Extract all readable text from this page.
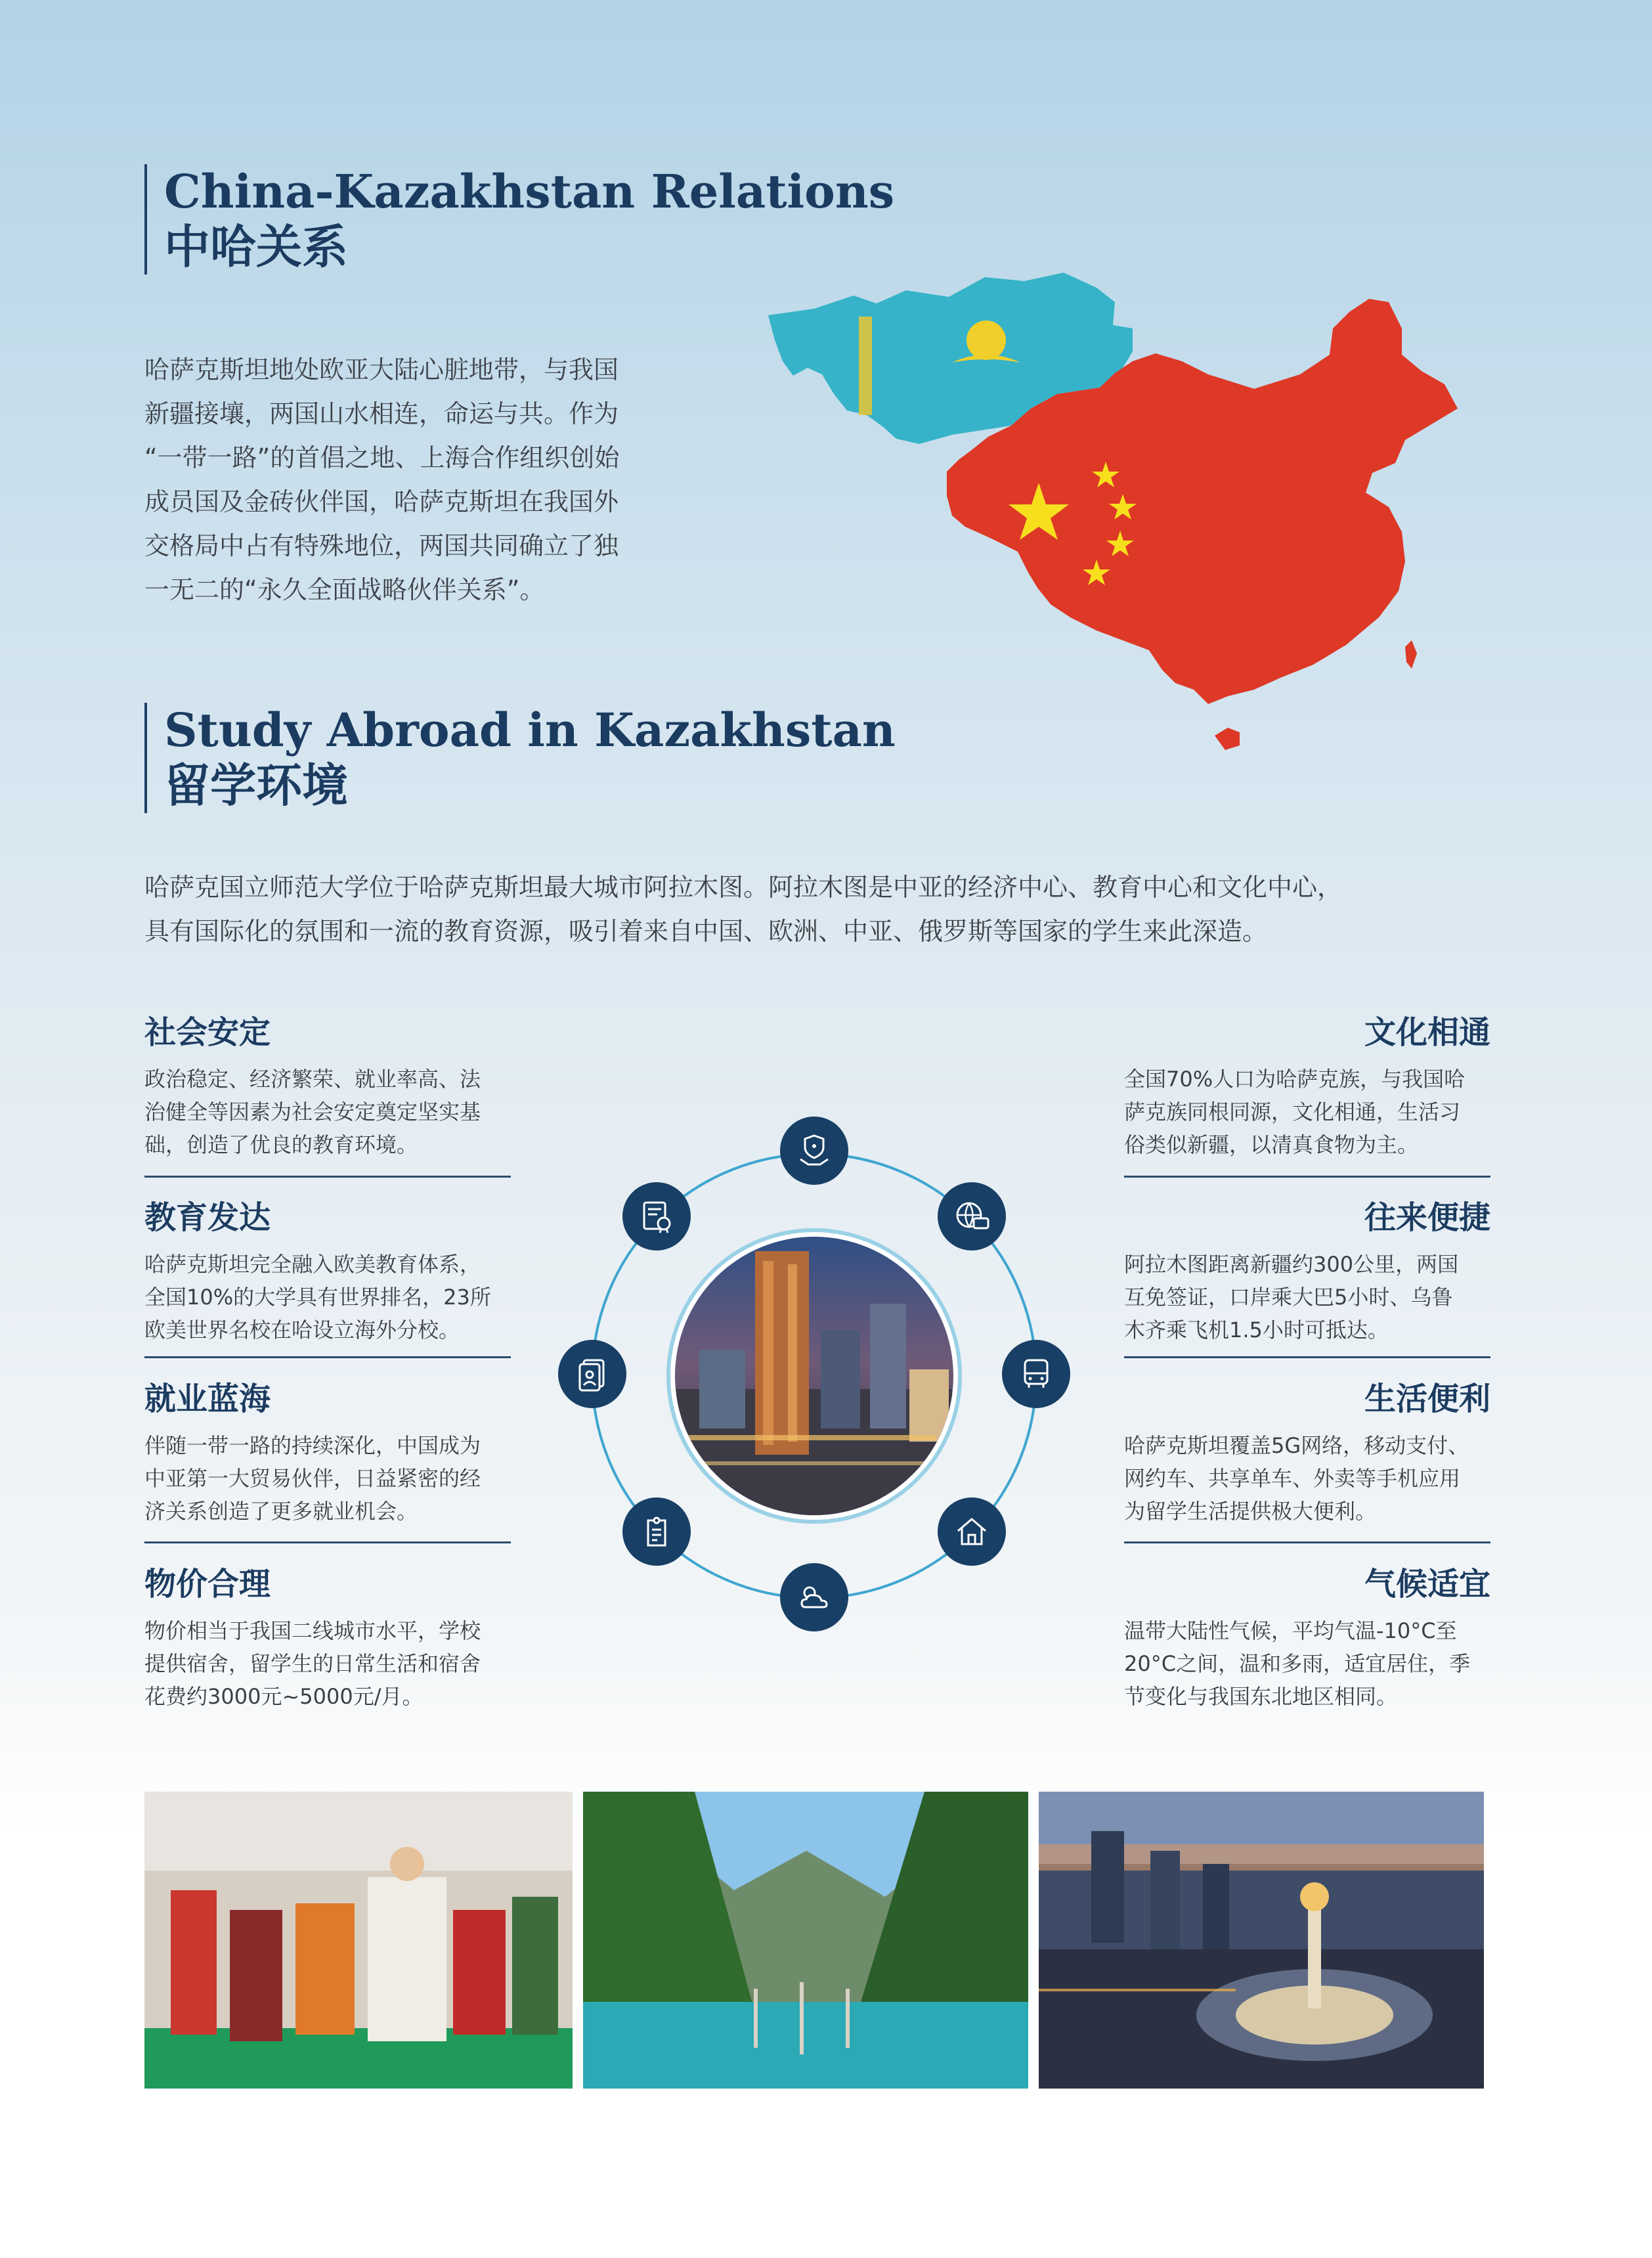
China-Kazakhstan Relations
中哈关系
哈萨克斯坦地处欧亚大陆心脏地带，与我国
新疆接壤，两国山水相连，命运与共。作为
“一带一路”的首倡之地、上海合作组织创始
成员国及金砖伙伴国，哈萨克斯坦在我国外
交格局中占有特殊地位，两国共同确立了独
一无二的“永久全面战略伙伴关系”。
Study Abroad in Kazakhstan
留学环境
哈萨克国立师范大学位于哈萨克斯坦最大城市阿拉木图。阿拉木图是中亚的经济中心、教育中心和文化中心，
具有国际化的氛围和一流的教育资源，吸引着来自中国、欧洲、中亚、俄罗斯等国家的学生来此深造。
社会安定
政治稳定、经济繁荣、就业率高、法
治健全等因素为社会安定奠定坚实基
础，创造了优良的教育环境。
教育发达
哈萨克斯坦完全融入欧美教育体系，
全国10%的大学具有世界排名，23所
欧美世界名校在哈设立海外分校。
就业蓝海
伴随一带一路的持续深化，中国成为
中亚第一大贸易伙伴，日益紧密的经
济关系创造了更多就业机会。
物价合理
物价相当于我国二线城市水平，学校
提供宿舍，留学生的日常生活和宿舍
花费约3000元~5000元/月。
文化相通
全国70%人口为哈萨克族，与我国哈
萨克族同根同源，文化相通，生活习
俗类似新疆，以清真食物为主。
往来便捷
阿拉木图距离新疆约300公里，两国
互免签证，口岸乘大巴5小时、乌鲁
木齐乘飞机1.5小时可抵达。
生活便利
哈萨克斯坦覆盖5G网络，移动支付、
网约车、共享单车、外卖等手机应用
为留学生活提供极大便利。
气候适宜
温带大陆性气候，平均气温-10°C至
20°C之间，温和多雨，适宜居住，季
节变化与我国东北地区相同。
